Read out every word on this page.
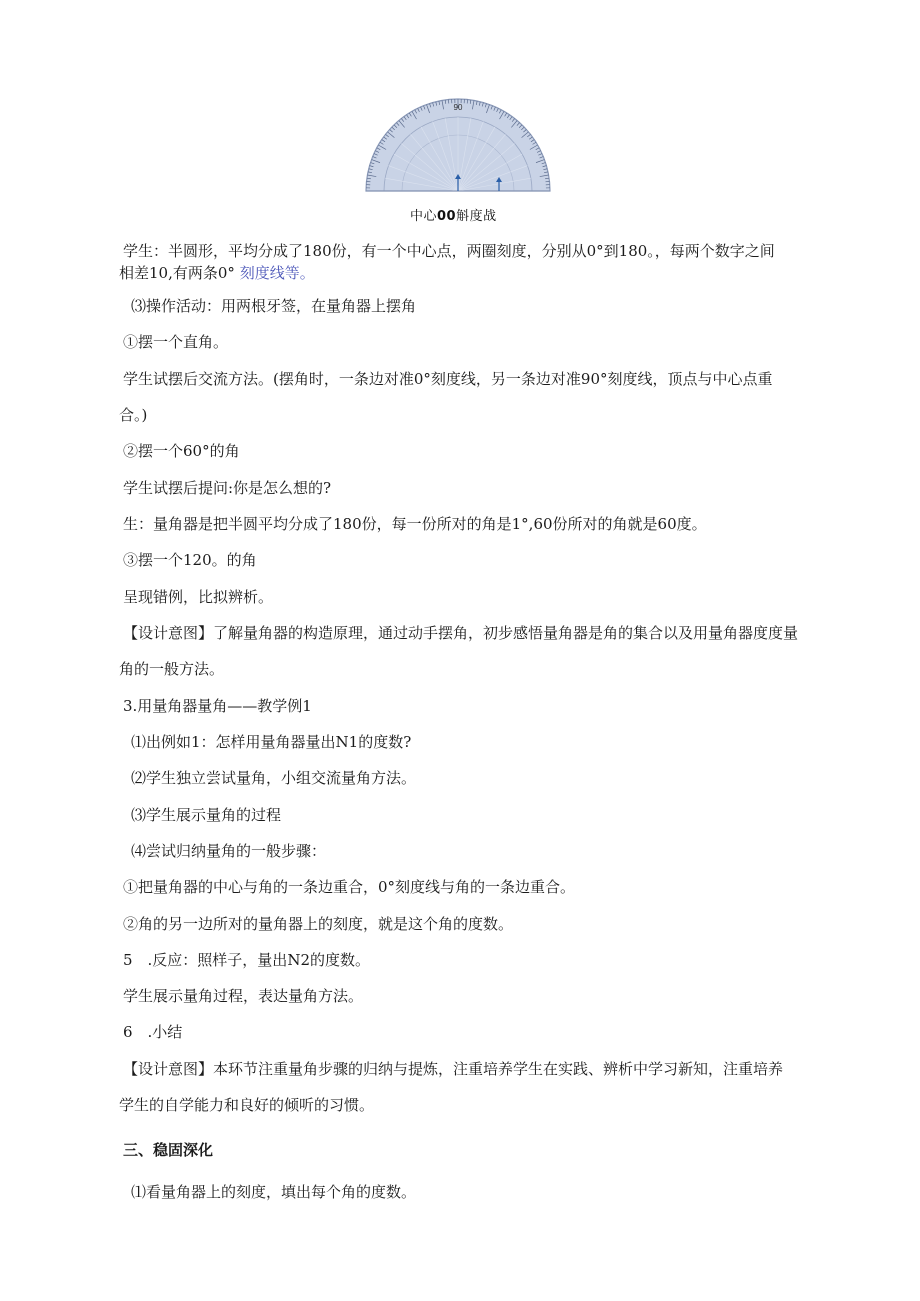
90
中心00斛度战
学生：半圆形，平均分成了180份，有一个中心点，两圈刻度，分别从0°到180。，每两个数字之间
相差10,有两条0° 刻度线等。
⑶操作活动：用两根牙签，在量角器上摆角
①摆一个直角。
学生试摆后交流方法。(摆角时，一条边对准0°刻度线，另一条边对准90°刻度线，顶点与中心点重
合。)
②摆一个60°的角
学生试摆后提问:你是怎么想的?
生：量角器是把半圆平均分成了180份，每一份所对的角是1°,60份所对的角就是60度。
③摆一个120。的角
呈现错例，比拟辨析。
【设计意图】了解量角器的构造原理，通过动手摆角，初步感悟量角器是角的集合以及用量角器度度量
角的一般方法。
3.用量角器量角——教学例1
⑴出例如1：怎样用量角器量出N1的度数?
⑵学生独立尝试量角，小组交流量角方法。
⑶学生展示量角的过程
⑷尝试归纳量角的一般步骤：
①把量角器的中心与角的一条边重合，0°刻度线与角的一条边重合。
②角的另一边所对的量角器上的刻度，就是这个角的度数。
5　.反应：照样子，量出N2的度数。
学生展示量角过程，表达量角方法。
6　.小结
【设计意图】本环节注重量角步骤的归纳与提炼，注重培养学生在实践、辨析中学习新知，注重培养
学生的自学能力和良好的倾听的习惯。
三、稳固深化
⑴看量角器上的刻度，填出每个角的度数。
